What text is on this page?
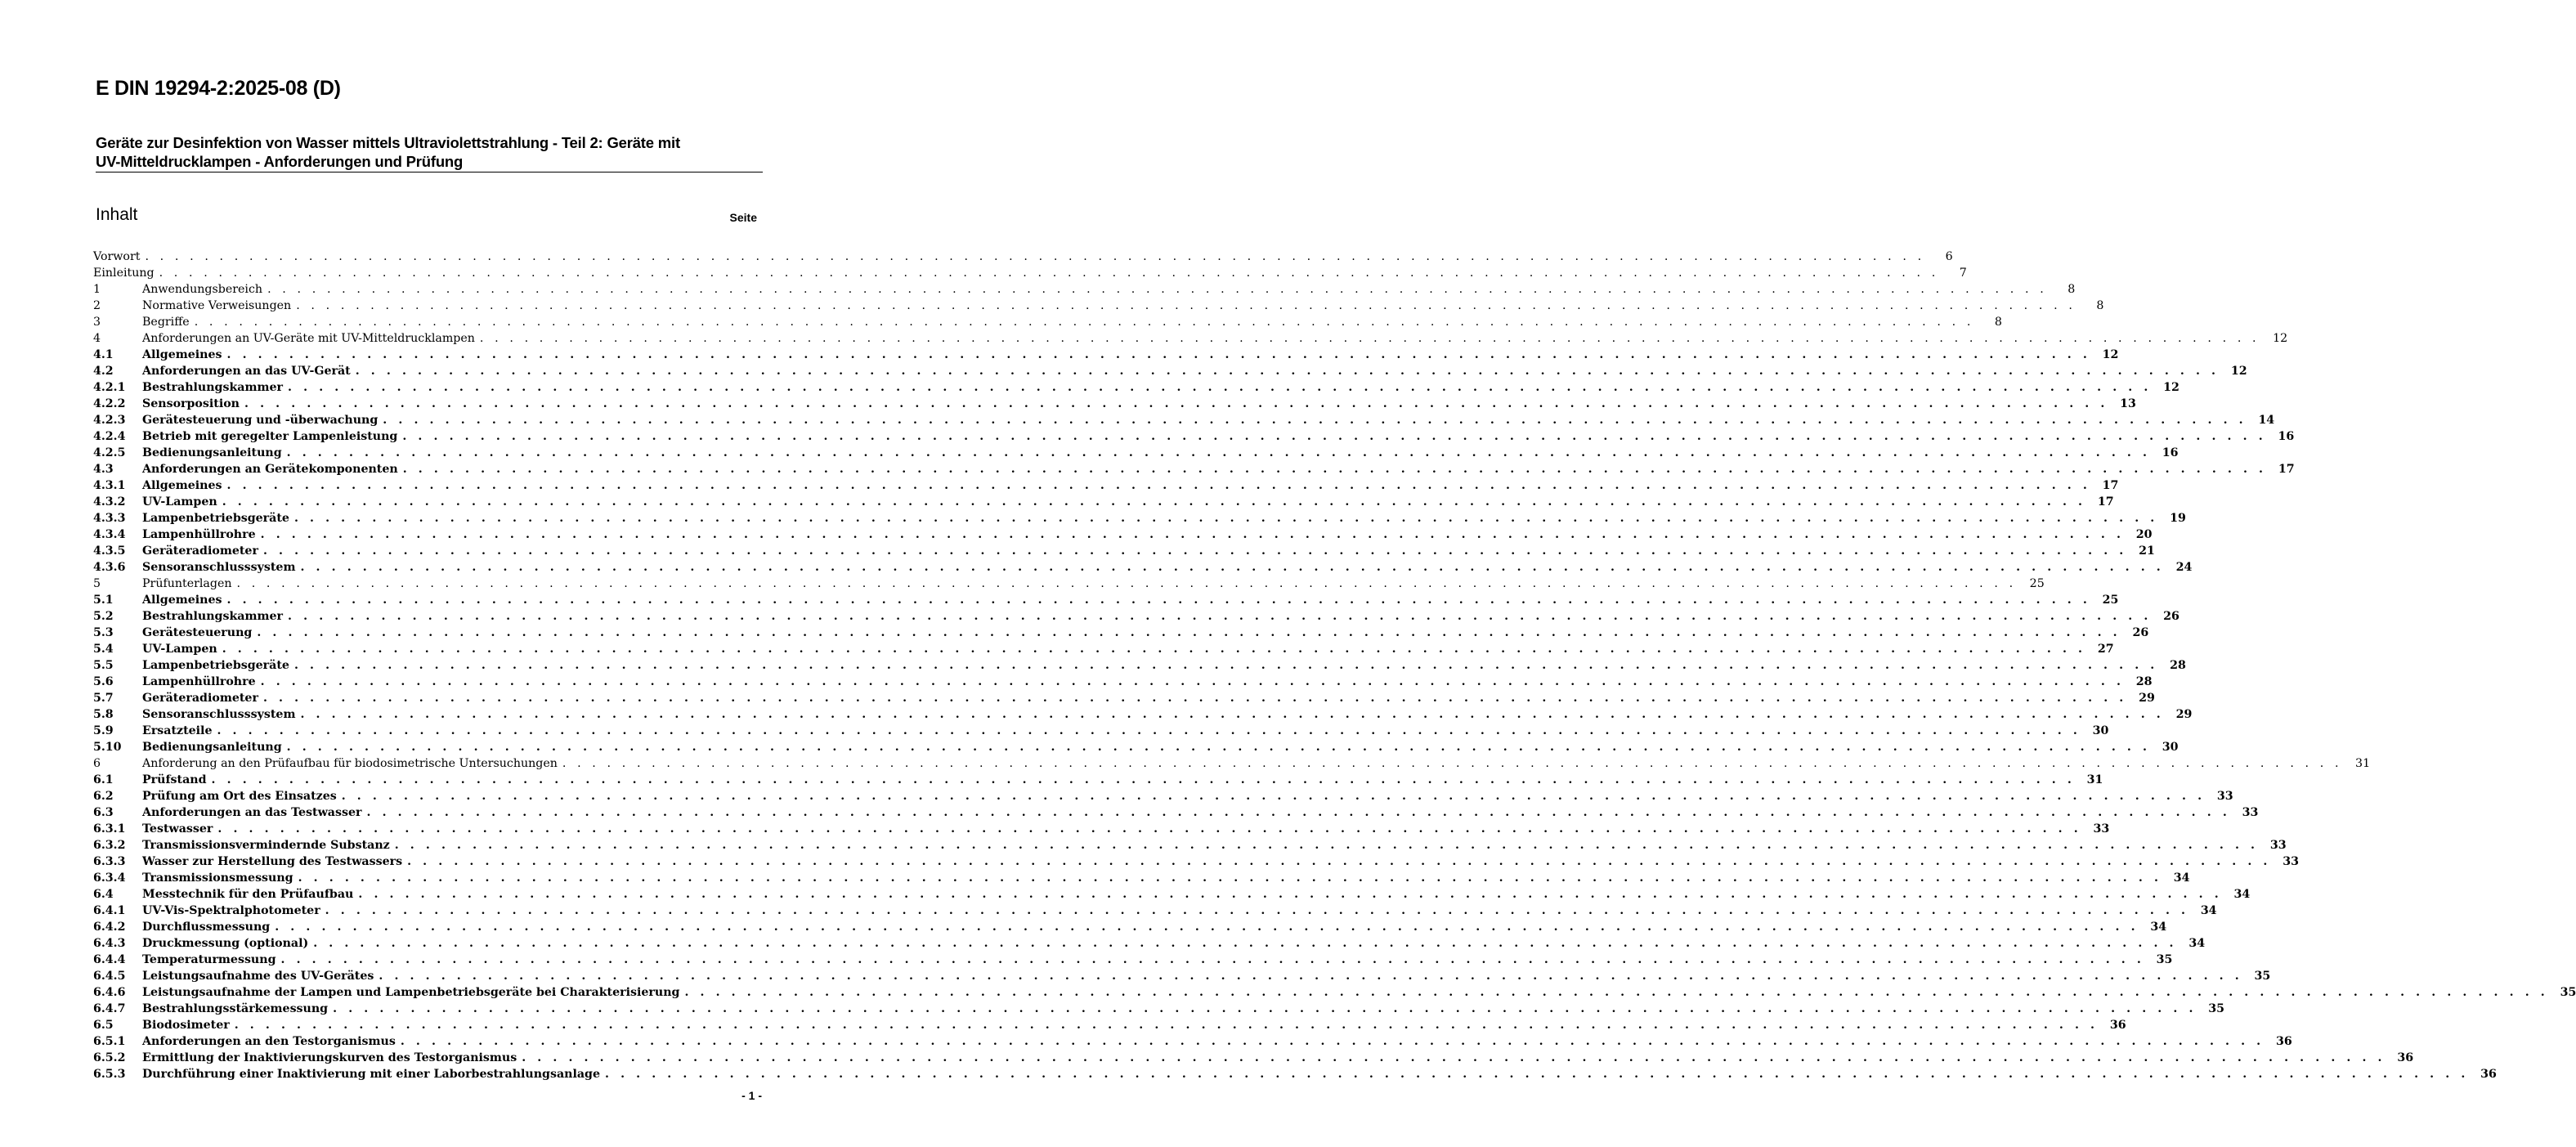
E DIN 19294-2:2025-08 (D)
Geräte zur Desinfektion von Wasser mittels Ultraviolettstrahlung - Teil 2: Geräte mit
UV-Mitteldrucklampen - Anforderungen und Prüfung
Inhalt	Seite
Vorwort . . . . . . . . . . . . . . . . . . . . . . . . . . . . . . . . . . . . . . . . . . . . . . . . . . . . . . . . . . . . . . . . . . . . . . . . . . . . . . . . . . . . . . . . . . . . . . . . . . . . . . . . . . . . . . . . . . . . . . . .	6
Einleitung . . . . . . . . . . . . . . . . . . . . . . . . . . . . . . . . . . . . . . . . . . . . . . . . . . . . . . . . . . . . . . . . . . . . . . . . . . . . . . . . . . . . . . . . . . . . . . . . . . . . . . . . . . . . . . . . . . . . . . . .	7
1	Anwendungsbereich . . . . . . . . . . . . . . . . . . . . . . . . . . . . . . . . . . . . . . . . . . . . . . . . . . . . . . . . . . . . . . . . . . . . . . . . . . . . . . . . . . . . . . . . . . . . . . . . . . . . . . . . . . . . . . . . . . . . . . . .	8
2	Normative Verweisungen . . . . . . . . . . . . . . . . . . . . . . . . . . . . . . . . . . . . . . . . . . . . . . . . . . . . . . . . . . . . . . . . . . . . . . . . . . . . . . . . . . . . . . . . . . . . . . . . . . . . . . . . . . . . . . . . . . . . . . . .	8
3	Begriffe . . . . . . . . . . . . . . . . . . . . . . . . . . . . . . . . . . . . . . . . . . . . . . . . . . . . . . . . . . . . . . . . . . . . . . . . . . . . . . . . . . . . . . . . . . . . . . . . . . . . . . . . . . . . . . . . . . . . . . . .	8
4	Anforderungen an UV-Geräte mit UV-Mitteldrucklampen . . . . . . . . . . . . . . . . . . . . . . . . . . . . . . . . . . . . . . . . . . . . . . . . . . . . . . . . . . . . . . . . . . . . . . . . . . . . . . . . . . . . . . . . . . . . . . . . . . . . . . . . . . . . . . . . . . . . . . . .	12
4.1	Allgemeines . . . . . . . . . . . . . . . . . . . . . . . . . . . . . . . . . . . . . . . . . . . . . . . . . . . . . . . . . . . . . . . . . . . . . . . . . . . . . . . . . . . . . . . . . . . . . . . . . . . . . . . . . . . . . . . . . . . . . . . .	12
4.2	Anforderungen an das UV-Gerät . . . . . . . . . . . . . . . . . . . . . . . . . . . . . . . . . . . . . . . . . . . . . . . . . . . . . . . . . . . . . . . . . . . . . . . . . . . . . . . . . . . . . . . . . . . . . . . . . . . . . . . . . . . . . . . . . . . . . . . .	12
4.2.1	Bestrahlungskammer . . . . . . . . . . . . . . . . . . . . . . . . . . . . . . . . . . . . . . . . . . . . . . . . . . . . . . . . . . . . . . . . . . . . . . . . . . . . . . . . . . . . . . . . . . . . . . . . . . . . . . . . . . . . . . . . . . . . . . . .	12
4.2.2	Sensorposition . . . . . . . . . . . . . . . . . . . . . . . . . . . . . . . . . . . . . . . . . . . . . . . . . . . . . . . . . . . . . . . . . . . . . . . . . . . . . . . . . . . . . . . . . . . . . . . . . . . . . . . . . . . . . . . . . . . . . . . .	13
4.2.3	Gerätesteuerung und -überwachung . . . . . . . . . . . . . . . . . . . . . . . . . . . . . . . . . . . . . . . . . . . . . . . . . . . . . . . . . . . . . . . . . . . . . . . . . . . . . . . . . . . . . . . . . . . . . . . . . . . . . . . . . . . . . . . . . . . . . . . .	14
4.2.4	Betrieb mit geregelter Lampenleistung . . . . . . . . . . . . . . . . . . . . . . . . . . . . . . . . . . . . . . . . . . . . . . . . . . . . . . . . . . . . . . . . . . . . . . . . . . . . . . . . . . . . . . . . . . . . . . . . . . . . . . . . . . . . . . . . . . . . . . . .	16
4.2.5	Bedienungsanleitung . . . . . . . . . . . . . . . . . . . . . . . . . . . . . . . . . . . . . . . . . . . . . . . . . . . . . . . . . . . . . . . . . . . . . . . . . . . . . . . . . . . . . . . . . . . . . . . . . . . . . . . . . . . . . . . . . . . . . . . .	16
4.3	Anforderungen an Gerätekomponenten . . . . . . . . . . . . . . . . . . . . . . . . . . . . . . . . . . . . . . . . . . . . . . . . . . . . . . . . . . . . . . . . . . . . . . . . . . . . . . . . . . . . . . . . . . . . . . . . . . . . . . . . . . . . . . . . . . . . . . . .	17
4.3.1	Allgemeines . . . . . . . . . . . . . . . . . . . . . . . . . . . . . . . . . . . . . . . . . . . . . . . . . . . . . . . . . . . . . . . . . . . . . . . . . . . . . . . . . . . . . . . . . . . . . . . . . . . . . . . . . . . . . . . . . . . . . . . .	17
4.3.2	UV-Lampen . . . . . . . . . . . . . . . . . . . . . . . . . . . . . . . . . . . . . . . . . . . . . . . . . . . . . . . . . . . . . . . . . . . . . . . . . . . . . . . . . . . . . . . . . . . . . . . . . . . . . . . . . . . . . . . . . . . . . . . .	17
4.3.3	Lampenbetriebsgeräte . . . . . . . . . . . . . . . . . . . . . . . . . . . . . . . . . . . . . . . . . . . . . . . . . . . . . . . . . . . . . . . . . . . . . . . . . . . . . . . . . . . . . . . . . . . . . . . . . . . . . . . . . . . . . . . . . . . . . . . .	19
4.3.4	Lampenhüllrohre . . . . . . . . . . . . . . . . . . . . . . . . . . . . . . . . . . . . . . . . . . . . . . . . . . . . . . . . . . . . . . . . . . . . . . . . . . . . . . . . . . . . . . . . . . . . . . . . . . . . . . . . . . . . . . . . . . . . . . . .	20
4.3.5	Geräteradiometer . . . . . . . . . . . . . . . . . . . . . . . . . . . . . . . . . . . . . . . . . . . . . . . . . . . . . . . . . . . . . . . . . . . . . . . . . . . . . . . . . . . . . . . . . . . . . . . . . . . . . . . . . . . . . . . . . . . . . . . .	21
4.3.6	Sensoranschlusssystem . . . . . . . . . . . . . . . . . . . . . . . . . . . . . . . . . . . . . . . . . . . . . . . . . . . . . . . . . . . . . . . . . . . . . . . . . . . . . . . . . . . . . . . . . . . . . . . . . . . . . . . . . . . . . . . . . . . . . . . .	24
5	Prüfunterlagen . . . . . . . . . . . . . . . . . . . . . . . . . . . . . . . . . . . . . . . . . . . . . . . . . . . . . . . . . . . . . . . . . . . . . . . . . . . . . . . . . . . . . . . . . . . . . . . . . . . . . . . . . . . . . . . . . . . . . . . .	25
5.1	Allgemeines . . . . . . . . . . . . . . . . . . . . . . . . . . . . . . . . . . . . . . . . . . . . . . . . . . . . . . . . . . . . . . . . . . . . . . . . . . . . . . . . . . . . . . . . . . . . . . . . . . . . . . . . . . . . . . . . . . . . . . . .	25
5.2	Bestrahlungskammer . . . . . . . . . . . . . . . . . . . . . . . . . . . . . . . . . . . . . . . . . . . . . . . . . . . . . . . . . . . . . . . . . . . . . . . . . . . . . . . . . . . . . . . . . . . . . . . . . . . . . . . . . . . . . . . . . . . . . . . .	26
5.3	Gerätesteuerung . . . . . . . . . . . . . . . . . . . . . . . . . . . . . . . . . . . . . . . . . . . . . . . . . . . . . . . . . . . . . . . . . . . . . . . . . . . . . . . . . . . . . . . . . . . . . . . . . . . . . . . . . . . . . . . . . . . . . . . .	26
5.4	UV-Lampen . . . . . . . . . . . . . . . . . . . . . . . . . . . . . . . . . . . . . . . . . . . . . . . . . . . . . . . . . . . . . . . . . . . . . . . . . . . . . . . . . . . . . . . . . . . . . . . . . . . . . . . . . . . . . . . . . . . . . . . .	27
5.5	Lampenbetriebsgeräte . . . . . . . . . . . . . . . . . . . . . . . . . . . . . . . . . . . . . . . . . . . . . . . . . . . . . . . . . . . . . . . . . . . . . . . . . . . . . . . . . . . . . . . . . . . . . . . . . . . . . . . . . . . . . . . . . . . . . . . .	28
5.6	Lampenhüllrohre . . . . . . . . . . . . . . . . . . . . . . . . . . . . . . . . . . . . . . . . . . . . . . . . . . . . . . . . . . . . . . . . . . . . . . . . . . . . . . . . . . . . . . . . . . . . . . . . . . . . . . . . . . . . . . . . . . . . . . . .	28
5.7	Geräteradiometer . . . . . . . . . . . . . . . . . . . . . . . . . . . . . . . . . . . . . . . . . . . . . . . . . . . . . . . . . . . . . . . . . . . . . . . . . . . . . . . . . . . . . . . . . . . . . . . . . . . . . . . . . . . . . . . . . . . . . . . .	29
5.8	Sensoranschlusssystem . . . . . . . . . . . . . . . . . . . . . . . . . . . . . . . . . . . . . . . . . . . . . . . . . . . . . . . . . . . . . . . . . . . . . . . . . . . . . . . . . . . . . . . . . . . . . . . . . . . . . . . . . . . . . . . . . . . . . . . .	29
5.9	Ersatzteile . . . . . . . . . . . . . . . . . . . . . . . . . . . . . . . . . . . . . . . . . . . . . . . . . . . . . . . . . . . . . . . . . . . . . . . . . . . . . . . . . . . . . . . . . . . . . . . . . . . . . . . . . . . . . . . . . . . . . . . .	30
5.10	Bedienungsanleitung . . . . . . . . . . . . . . . . . . . . . . . . . . . . . . . . . . . . . . . . . . . . . . . . . . . . . . . . . . . . . . . . . . . . . . . . . . . . . . . . . . . . . . . . . . . . . . . . . . . . . . . . . . . . . . . . . . . . . . . .	30
6	Anforderung an den Prüfaufbau für biodosimetrische Untersuchungen . . . . . . . . . . . . . . . . . . . . . . . . . . . . . . . . . . . . . . . . . . . . . . . . . . . . . . . . . . . . . . . . . . . . . . . . . . . . . . . . . . . . . . . . . . . . . . . . . . . . . . . . . . . . . . . . . . . . . . . .	31
6.1	Prüfstand . . . . . . . . . . . . . . . . . . . . . . . . . . . . . . . . . . . . . . . . . . . . . . . . . . . . . . . . . . . . . . . . . . . . . . . . . . . . . . . . . . . . . . . . . . . . . . . . . . . . . . . . . . . . . . . . . . . . . . . .	31
6.2	Prüfung am Ort des Einsatzes . . . . . . . . . . . . . . . . . . . . . . . . . . . . . . . . . . . . . . . . . . . . . . . . . . . . . . . . . . . . . . . . . . . . . . . . . . . . . . . . . . . . . . . . . . . . . . . . . . . . . . . . . . . . . . . . . . . . . . . .	33
6.3	Anforderungen an das Testwasser . . . . . . . . . . . . . . . . . . . . . . . . . . . . . . . . . . . . . . . . . . . . . . . . . . . . . . . . . . . . . . . . . . . . . . . . . . . . . . . . . . . . . . . . . . . . . . . . . . . . . . . . . . . . . . . . . . . . . . . .	33
6.3.1	Testwasser . . . . . . . . . . . . . . . . . . . . . . . . . . . . . . . . . . . . . . . . . . . . . . . . . . . . . . . . . . . . . . . . . . . . . . . . . . . . . . . . . . . . . . . . . . . . . . . . . . . . . . . . . . . . . . . . . . . . . . . .	33
6.3.2	Transmissionsvermindernde Substanz . . . . . . . . . . . . . . . . . . . . . . . . . . . . . . . . . . . . . . . . . . . . . . . . . . . . . . . . . . . . . . . . . . . . . . . . . . . . . . . . . . . . . . . . . . . . . . . . . . . . . . . . . . . . . . . . . . . . . . . .	33
6.3.3	Wasser zur Herstellung des Testwassers . . . . . . . . . . . . . . . . . . . . . . . . . . . . . . . . . . . . . . . . . . . . . . . . . . . . . . . . . . . . . . . . . . . . . . . . . . . . . . . . . . . . . . . . . . . . . . . . . . . . . . . . . . . . . . . . . . . . . . . .	33
6.3.4	Transmissionsmessung . . . . . . . . . . . . . . . . . . . . . . . . . . . . . . . . . . . . . . . . . . . . . . . . . . . . . . . . . . . . . . . . . . . . . . . . . . . . . . . . . . . . . . . . . . . . . . . . . . . . . . . . . . . . . . . . . . . . . . . .	34
6.4	Messtechnik für den Prüfaufbau . . . . . . . . . . . . . . . . . . . . . . . . . . . . . . . . . . . . . . . . . . . . . . . . . . . . . . . . . . . . . . . . . . . . . . . . . . . . . . . . . . . . . . . . . . . . . . . . . . . . . . . . . . . . . . . . . . . . . . . .	34
6.4.1	UV-Vis-Spektralphotometer . . . . . . . . . . . . . . . . . . . . . . . . . . . . . . . . . . . . . . . . . . . . . . . . . . . . . . . . . . . . . . . . . . . . . . . . . . . . . . . . . . . . . . . . . . . . . . . . . . . . . . . . . . . . . . . . . . . . . . . .	34
6.4.2	Durchflussmessung . . . . . . . . . . . . . . . . . . . . . . . . . . . . . . . . . . . . . . . . . . . . . . . . . . . . . . . . . . . . . . . . . . . . . . . . . . . . . . . . . . . . . . . . . . . . . . . . . . . . . . . . . . . . . . . . . . . . . . . .	34
6.4.3	Druckmessung (optional) . . . . . . . . . . . . . . . . . . . . . . . . . . . . . . . . . . . . . . . . . . . . . . . . . . . . . . . . . . . . . . . . . . . . . . . . . . . . . . . . . . . . . . . . . . . . . . . . . . . . . . . . . . . . . . . . . . . . . . . .	34
6.4.4	Temperaturmessung . . . . . . . . . . . . . . . . . . . . . . . . . . . . . . . . . . . . . . . . . . . . . . . . . . . . . . . . . . . . . . . . . . . . . . . . . . . . . . . . . . . . . . . . . . . . . . . . . . . . . . . . . . . . . . . . . . . . . . . .	35
6.4.5	Leistungsaufnahme des UV-Gerätes . . . . . . . . . . . . . . . . . . . . . . . . . . . . . . . . . . . . . . . . . . . . . . . . . . . . . . . . . . . . . . . . . . . . . . . . . . . . . . . . . . . . . . . . . . . . . . . . . . . . . . . . . . . . . . . . . . . . . . . .	35
6.4.6	Leistungsaufnahme der Lampen und Lampenbetriebsgeräte bei Charakterisierung . . . . . . . . . . . . . . . . . . . . . . . . . . . . . . . . . . . . . . . . . . . . . . . . . . . . . . . . . . . . . . . . . . . . . . . . . . . . . . . . . . . . . . . . . . . . . . . . . . . . . . . . . . . . . . . . . . . . . . . .	35
6.4.7	Bestrahlungsstärkemessung . . . . . . . . . . . . . . . . . . . . . . . . . . . . . . . . . . . . . . . . . . . . . . . . . . . . . . . . . . . . . . . . . . . . . . . . . . . . . . . . . . . . . . . . . . . . . . . . . . . . . . . . . . . . . . . . . . . . . . . .	35
6.5	Biodosimeter . . . . . . . . . . . . . . . . . . . . . . . . . . . . . . . . . . . . . . . . . . . . . . . . . . . . . . . . . . . . . . . . . . . . . . . . . . . . . . . . . . . . . . . . . . . . . . . . . . . . . . . . . . . . . . . . . . . . . . . .	36
6.5.1	Anforderungen an den Testorganismus . . . . . . . . . . . . . . . . . . . . . . . . . . . . . . . . . . . . . . . . . . . . . . . . . . . . . . . . . . . . . . . . . . . . . . . . . . . . . . . . . . . . . . . . . . . . . . . . . . . . . . . . . . . . . . . . . . . . . . . .	36
6.5.2	Ermittlung der Inaktivierungskurven des Testorganismus . . . . . . . . . . . . . . . . . . . . . . . . . . . . . . . . . . . . . . . . . . . . . . . . . . . . . . . . . . . . . . . . . . . . . . . . . . . . . . . . . . . . . . . . . . . . . . . . . . . . . . . . . . . . . . . . . . . . . . . .	36
6.5.3	Durchführung einer Inaktivierung mit einer Laborbestrahlungsanlage . . . . . . . . . . . . . . . . . . . . . . . . . . . . . . . . . . . . . . . . . . . . . . . . . . . . . . . . . . . . . . . . . . . . . . . . . . . . . . . . . . . . . . . . . . . . . . . . . . . . . . . . . . . . . . . . . . . . . . . .	36
- 1 -
